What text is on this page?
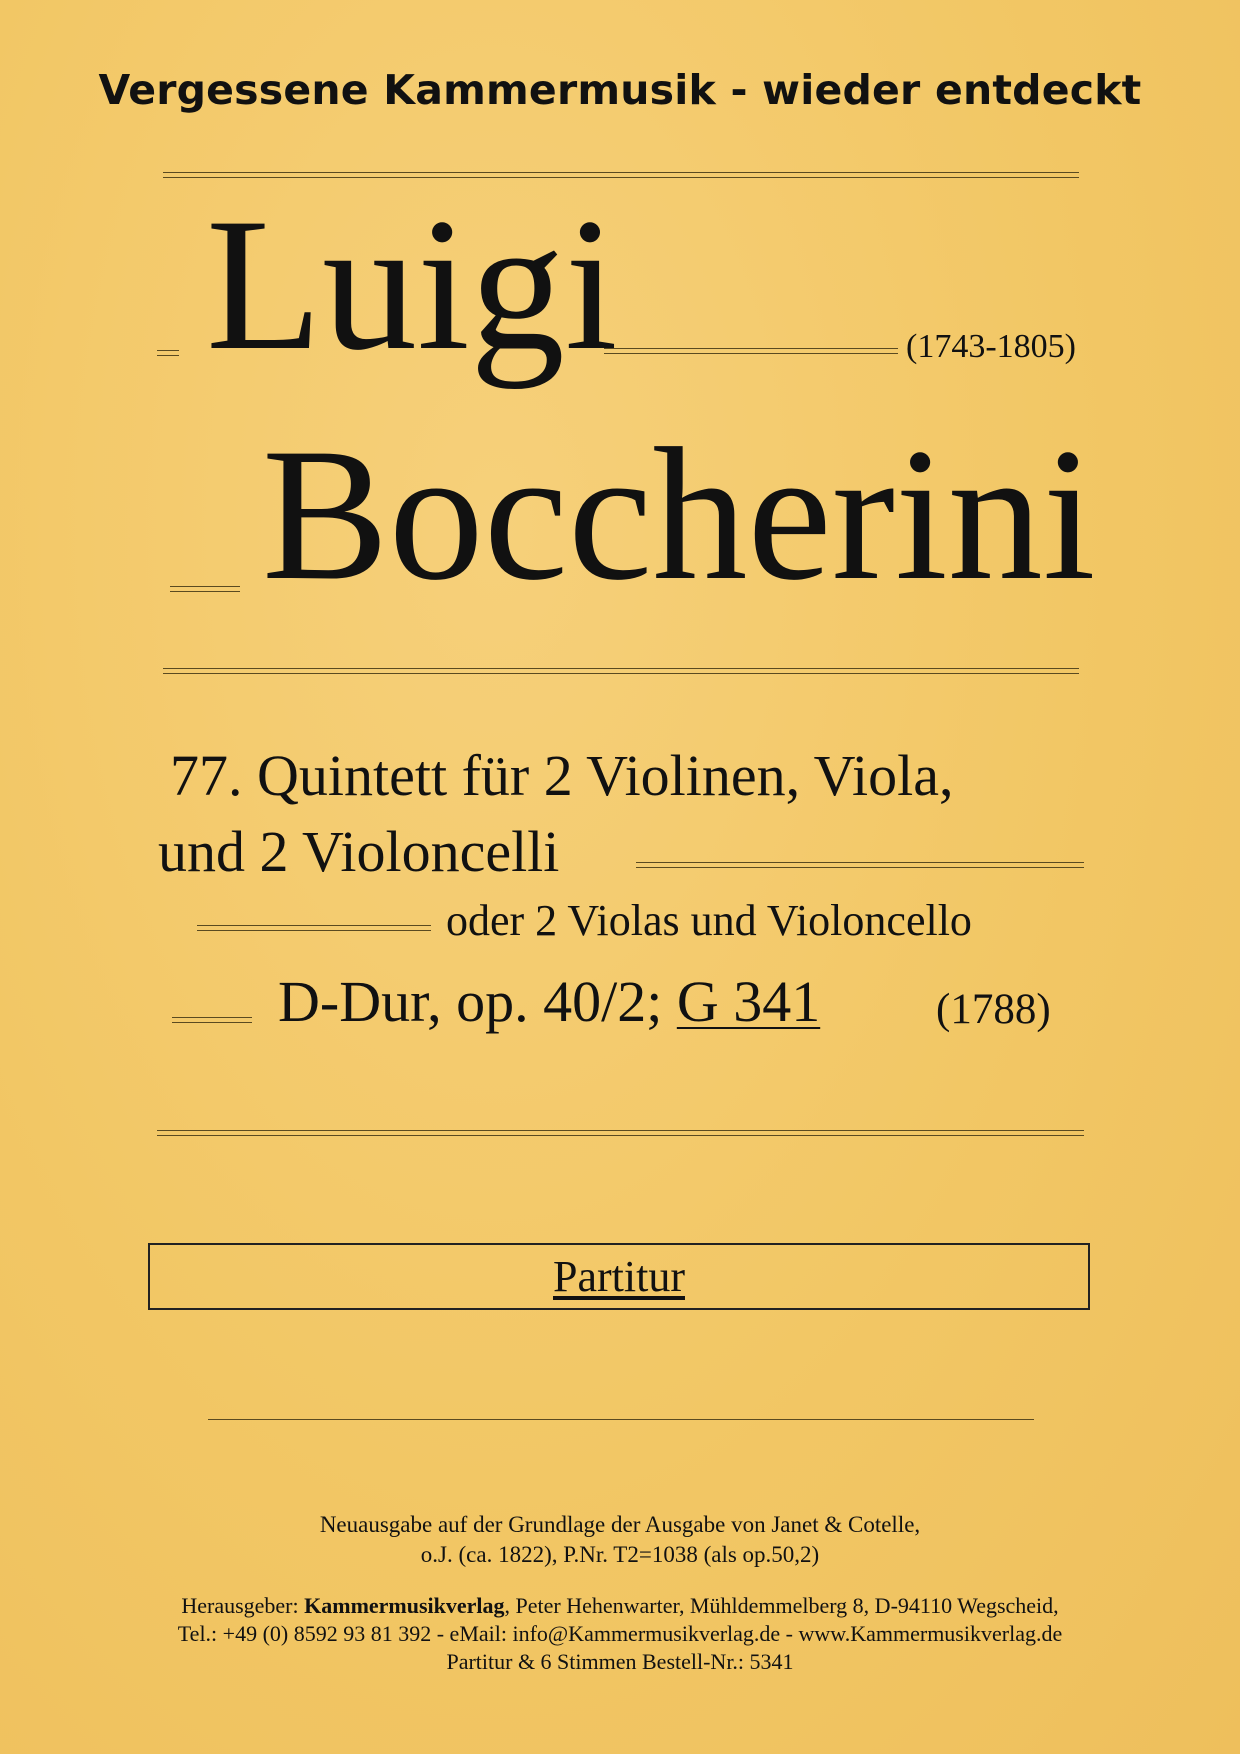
Vergessene Kammermusik - wieder entdeckt
Luigi	(1743-1805)
Boccherini
77. Quintett für 2 Violinen, Viola,
und 2 Violoncelli
oder 2 Violas und Violoncello
D-Dur, op. 40/2; G 341	(1788)
Partitur
Neuausgabe auf der Grundlage der Ausgabe von Janet & Cotelle,
o.J. (ca. 1822), P.Nr. T2=1038 (als op.50,2)
Herausgeber: Kammermusikverlag, Peter Hehenwarter, Mühldemmelberg 8, D-94110 Wegscheid,
Tel.: +49 (0) 8592 93 81 392 - eMail: info@Kammermusikverlag.de - www.Kammermusikverlag.de
Partitur & 6 Stimmen Bestell-Nr.: 5341
